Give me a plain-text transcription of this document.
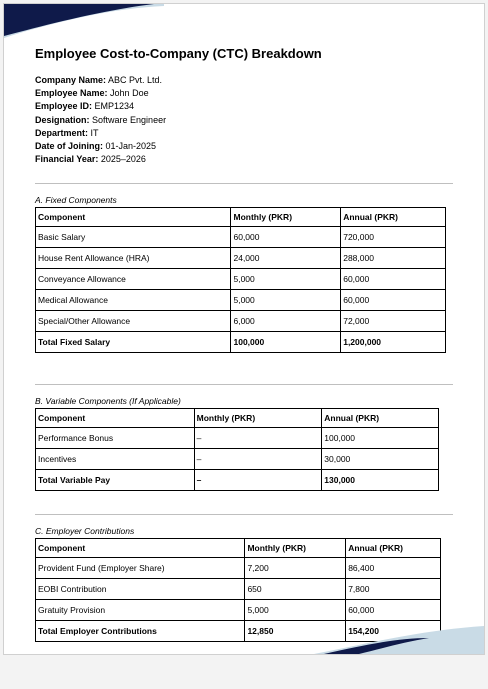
Employee Cost-to-Company (CTC) Breakdown
Company Name: ABC Pvt. Ltd.
Employee Name: John Doe
Employee ID: EMP1234
Designation: Software Engineer
Department: IT
Date of Joining: 01-Jan-2025
Financial Year: 2025–2026
A. Fixed Components
Component	Monthly (PKR)	Annual (PKR)
Basic Salary	60,000	720,000
House Rent Allowance (HRA)	24,000	288,000
Conveyance Allowance	5,000	60,000
Medical Allowance	5,000	60,000
Special/Other Allowance	6,000	72,000
Total Fixed Salary	100,000	1,200,000
B. Variable Components (If Applicable)
Component	Monthly (PKR)	Annual (PKR)
Performance Bonus	–	100,000
Incentives	–	30,000
Total Variable Pay	–	130,000
C. Employer Contributions
Component	Monthly (PKR)	Annual (PKR)
Provident Fund (Employer Share)	7,200	86,400
EOBI Contribution	650	7,800
Gratuity Provision	5,000	60,000
Total Employer Contributions	12,850	154,200
